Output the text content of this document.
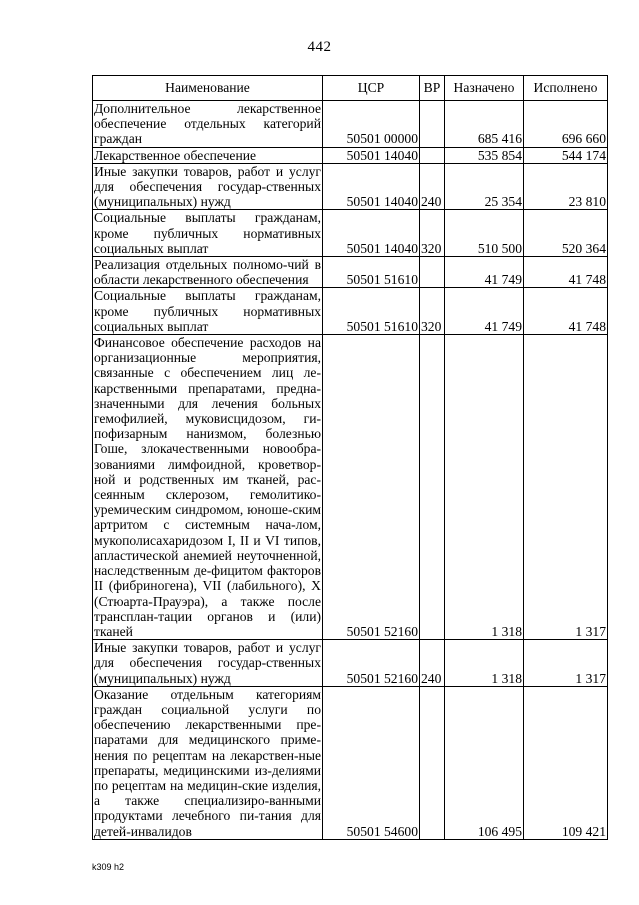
442
Наименование	ЦСР	ВР	Назначено	Исполнено
Дополнительное лекарственное обеспечение отдельных категорий граждан	50501 00000		685 416	696 660
Лекарственное обеспечение	50501 14040		535 854	544 174
Иные закупки товаров, работ и услуг для обеспечения государ-ственных (муниципальных) нужд	50501 14040	240	25 354	23 810
Социальные выплаты гражданам, кроме публичных нормативных социальных выплат	50501 14040	320	510 500	520 364
Реализация отдельных полномо-чий в области лекарственного обеспечения	50501 51610		41 749	41 748
Социальные выплаты гражданам, кроме публичных нормативных социальных выплат	50501 51610	320	41 749	41 748
Финансовое обеспечение расходов на организационные мероприятия, связанные с обеспечением лиц ле-карственными препаратами, предна-значенными для лечения больных гемофилией, муковисцидозом, ги-пофизарным нанизмом, болезнью Гоше, злокачественными новообра-зованиями лимфоидной, кроветвор-ной и родственных им тканей, рас-сеянным склерозом, гемолитико-уремическим синдромом, юноше-ским артритом с системным нача-лом, мукополисахаридозом I, II и VI типов, апластической анемией неуточненной, наследственным де-фицитом факторов II (фибриногена), VII (лабильного), X (Стюарта-Прауэра), а также после трансплан-тации органов и (или) тканей	50501 52160		1 318	1 317
Иные закупки товаров, работ и услуг для обеспечения государ-ственных (муниципальных) нужд	50501 52160	240	1 318	1 317
Оказание отдельным категориям граждан социальной услуги по обеспечению лекарственными пре-паратами для медицинского приме-нения по рецептам на лекарствен-ные препараты, медицинскими из-делиями по рецептам на медицин-ские изделия, а также специализиро-ванными продуктами лечебного пи-тания для детей-инвалидов	50501 54600		106 495	109 421
k309 h2
